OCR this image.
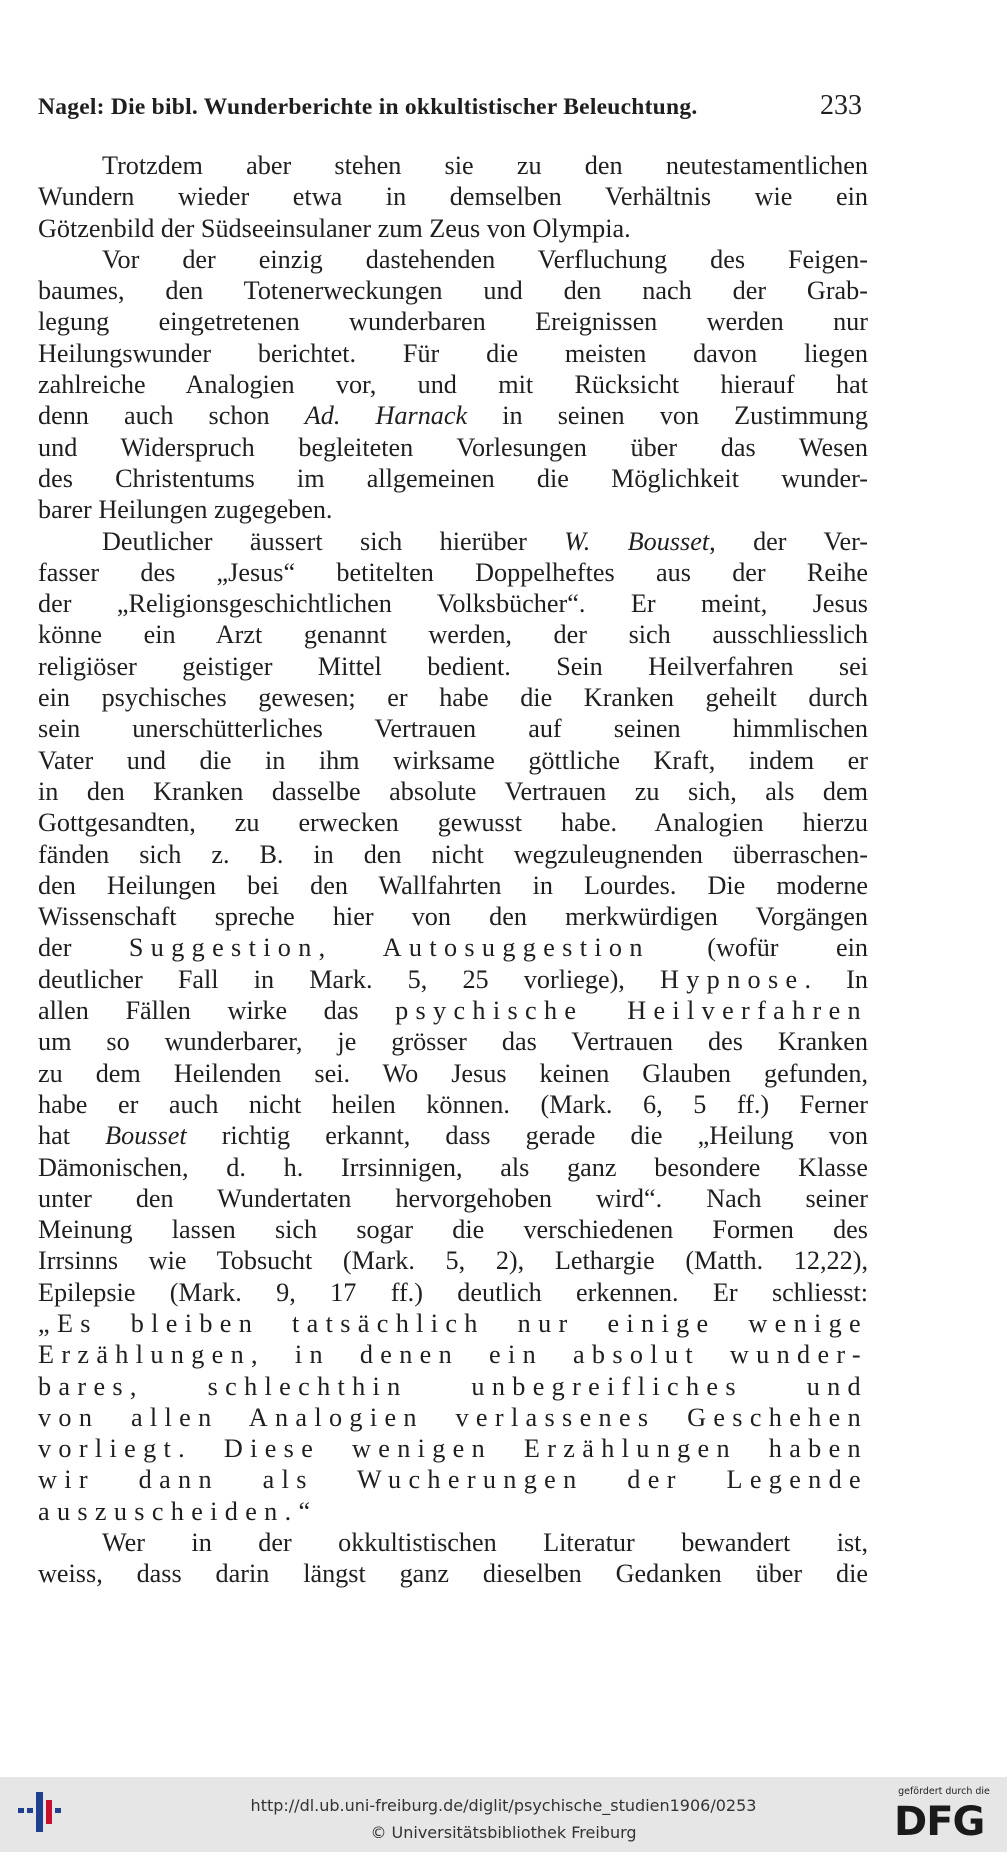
Nagel: Die bibl. Wunderberichte in okkultistischer Beleuchtung.	233
Trotzdem aber stehen sie zu den neutestamentlichen
Wundern wieder etwa in demselben Verhältnis wie ein
Götzenbild der Südseeinsulaner zum Zeus von Olympia.
Vor der einzig dastehenden Verfluchung des Feigen-
baumes, den Totenerweckungen und den nach der Grab-
legung eingetretenen wunderbaren Ereignissen werden nur
Heilungswunder berichtet. Für die meisten davon liegen
zahlreiche Analogien vor, und mit Rücksicht hierauf hat
denn auch schon Ad. Harnack in seinen von Zustimmung
und Widerspruch begleiteten Vorlesungen über das Wesen
des Christentums im allgemeinen die Möglichkeit wunder-
barer Heilungen zugegeben.
Deutlicher äussert sich hierüber W. Bousset, der Ver-
fasser des „Jesus“ betitelten Doppelheftes aus der Reihe
der „Religionsgeschichtlichen Volksbücher“. Er meint, Jesus
könne ein Arzt genannt werden, der sich ausschliesslich
religiöser geistiger Mittel bedient. Sein Heilverfahren sei
ein psychisches gewesen; er habe die Kranken geheilt durch
sein unerschütterliches Vertrauen auf seinen himmlischen
Vater und die in ihm wirksame göttliche Kraft, indem er
in den Kranken dasselbe absolute Vertrauen zu sich, als dem
Gottgesandten, zu erwecken gewusst habe. Analogien hierzu
fänden sich z. B. in den nicht wegzuleugnenden überraschen-
den Heilungen bei den Wallfahrten in Lourdes. Die moderne
Wissenschaft spreche hier von den merkwürdigen Vorgängen
der Suggestion, Autosuggestion (wofür ein
deutlicher Fall in Mark. 5, 25 vorliege), Hypnose. In
allen Fällen wirke das psychische Heilverfahren
um so wunderbarer, je grösser das Vertrauen des Kranken
zu dem Heilenden sei. Wo Jesus keinen Glauben gefunden,
habe er auch nicht heilen können. (Mark. 6, 5 ff.) Ferner
hat Bousset richtig erkannt, dass gerade die „Heilung von
Dämonischen, d. h. Irrsinnigen, als ganz besondere Klasse
unter den Wundertaten hervorgehoben wird“. Nach seiner
Meinung lassen sich sogar die verschiedenen Formen des
Irrsinns wie Tobsucht (Mark. 5, 2), Lethargie (Matth. 12,22),
Epilepsie (Mark. 9, 17 ff.) deutlich erkennen. Er schliesst:
„Es bleiben tatsächlich nur einige wenige
Erzählungen, in denen ein absolut wunder-
bares, schlechthin unbegreifliches und
von allen Analogien verlassenes Geschehen
vorliegt. Diese wenigen Erzählungen haben
wir dann als Wucherungen der Legende
auszuscheiden.“
Wer in der okkultistischen Literatur bewandert ist,
weiss, dass darin längst ganz dieselben Gedanken über die
http://dl.ub.uni-freiburg.de/diglit/psychische_studien1906/0253
© Universitätsbibliothek Freiburg
gefördert durch die
DFG
